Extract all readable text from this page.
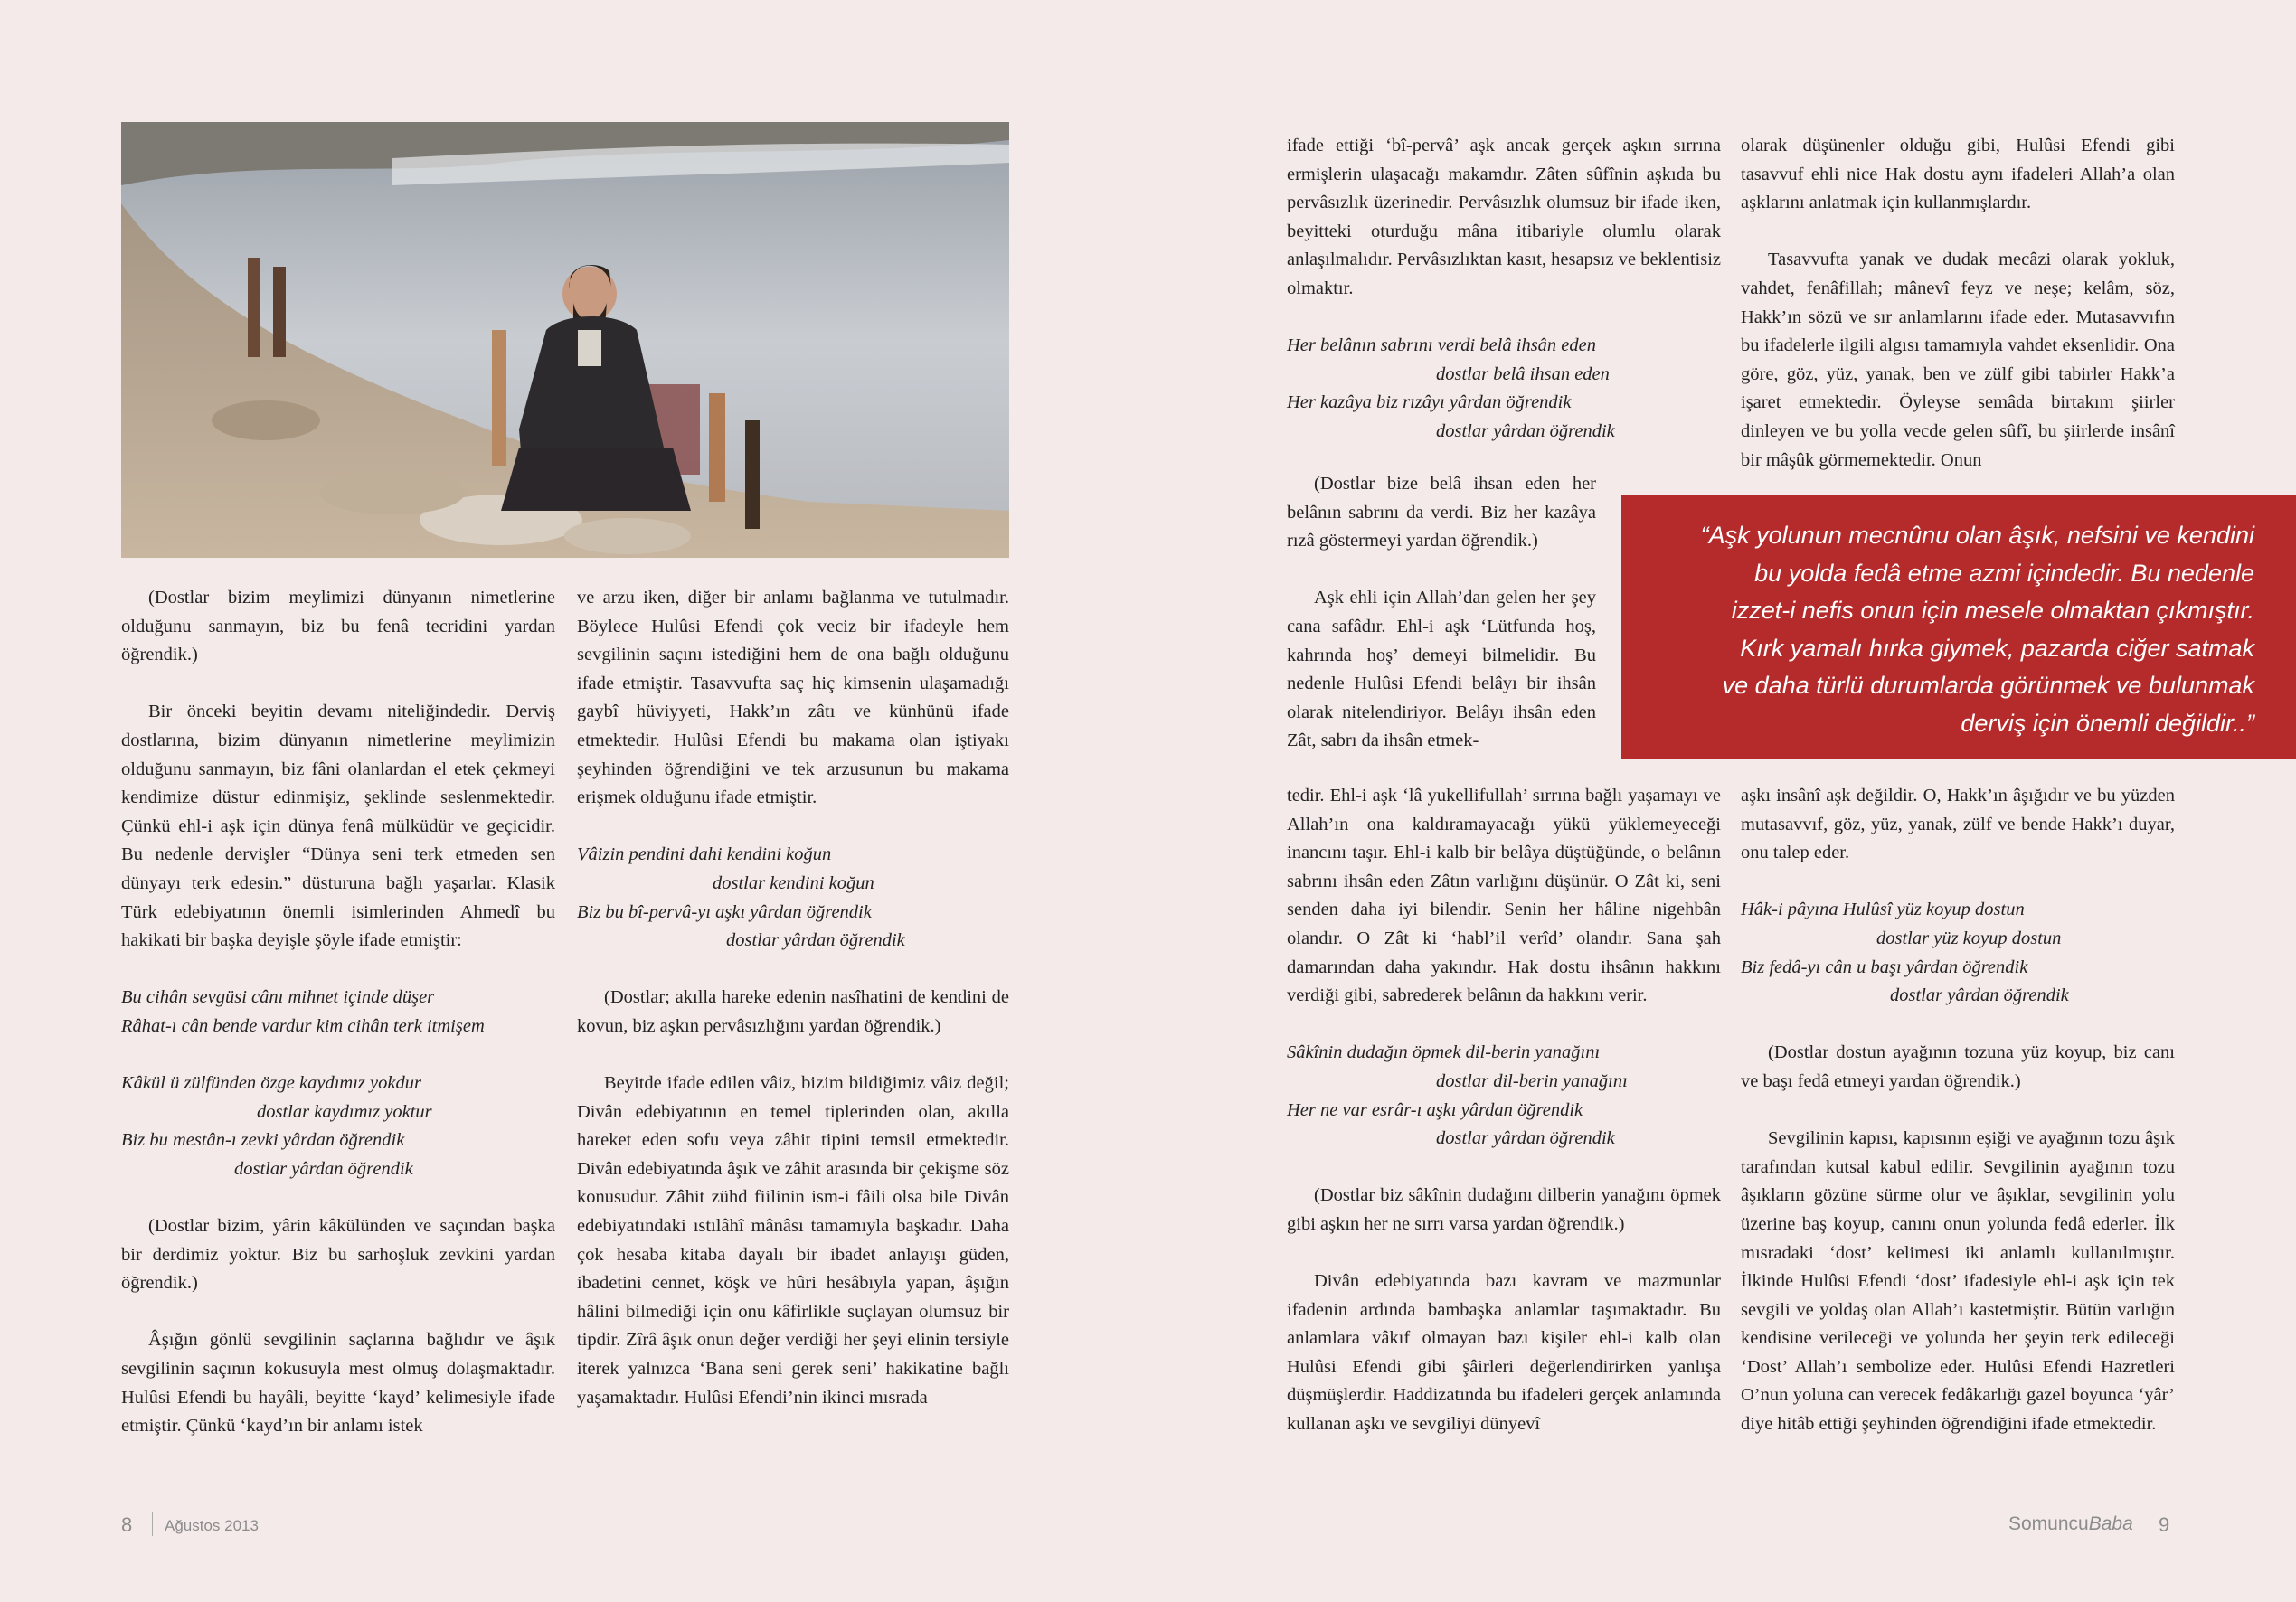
(Dostlar bizim meylimizi dünyanın nimetlerine olduğunu sanmayın, biz bu fenâ tecridini yardan öğrendik.)

Bir önceki beyitin devamı niteliğindedir. Derviş dostlarına, bizim dünyanın nimetlerine meylimizin olduğunu sanmayın, biz fâni olanlardan el etek çekmeyi kendimize düstur edinmişiz, şeklinde seslenmektedir. Çünkü ehl-i aşk için dünya fenâ mülküdür ve geçicidir. Bu nedenle dervişler “Dünya seni terk etmeden sen dünyayı terk edesin.” düsturuna bağlı yaşarlar. Klasik Türk edebiyatının önemli isimlerinden Ahmedî bu hakikati bir başka deyişle şöyle ifade etmiştir:

Bu cihân sevgüsi cânı mihnet içinde düşer
Râhat-ı cân bende vardur kim cihân terk itmişem
Kâkül ü zülfünden özge kaydımız yokdur
dostlar kaydımız yoktur
Biz bu mestân-ı zevki yârdan öğrendik
dostlar yârdan öğrendik

(Dostlar bizim, yârin kâkülünden ve saçından başka bir derdimiz yoktur. Biz bu sarhoşluk zevkini yardan öğrendik.)

Âşığın gönlü sevgilinin saçlarına bağlıdır ve âşık sevgilinin saçının kokusuyla mest olmuş dolaşmaktadır. Hulûsi Efendi bu hayâli, beyitte ‘kayd’ kelimesiyle ifade etmiştir. Çünkü ‘kayd’ın bir anlamı istek

ve arzu iken, diğer bir anlamı bağlanma ve tutulmadır. Böylece Hulûsi Efendi çok veciz bir ifadeyle hem sevgilinin saçını istediğini hem de ona bağlı olduğunu ifade etmiştir. Tasavvufta saç hiç kimsenin ulaşamadığı gaybî hüviyyeti, Hakk’ın zâtı ve künhünü ifade etmektedir. Hulûsi Efendi bu makama olan iştiyakı şeyhinden öğrendiğini ve tek arzusunun bu makama erişmek olduğunu ifade etmiştir.

Vâizin pendini dahi kendini koğun
dostlar kendini koğun
Biz bu bî-pervâ-yı aşkı yârdan öğrendik
dostlar yârdan öğrendik

(Dostlar; akılla hareke edenin nasîhatini de kendini de kovun, biz aşkın pervâsızlığını yardan öğrendik.)

Beyitde ifade edilen vâiz, bizim bildiğimiz vâiz değil; Divân edebiyatının en temel tiplerinden olan, akılla hareket eden sofu veya zâhit tipini temsil etmektedir. Divân edebiyatında âşık ve zâhit arasında bir çekişme söz konusudur. Zâhit zühd fiilinin ism-i fâili olsa bile Divân edebiyatındaki ıstılâhî mânâsı tamamıyla başkadır. Daha çok hesaba kitaba dayalı bir ibadet anlayışı güden, ibadetini cennet, köşk ve hûri hesâbıyla yapan, âşığın hâlini bilmediği için onu kâfirlikle suçlayan olumsuz bir tipdir. Zîrâ âşık onun değer verdiği her şeyi elinin tersiyle iterek yalnızca ‘Bana seni gerek seni’ hakikatine bağlı yaşamaktadır. Hulûsi Efendi’nin ikinci mısrada

ifade ettiği ‘bî-pervâ’ aşk ancak gerçek aşkın sırrına ermişlerin ulaşacağı makamdır. Zâten sûfînin aşkıda bu pervâsızlık üzerinedir. Pervâsızlık olumsuz bir ifade iken, beyitteki oturduğu mâna itibariyle olumlu olarak anlaşılmalıdır. Pervâsızlıktan kasıt, hesapsız ve beklentisiz olmaktır.

Her belânın sabrını verdi belâ ihsân eden
dostlar belâ ihsan eden
Her kazâya biz rızâyı yârdan öğrendik
dostlar yârdan öğrendik

(Dostlar bize belâ ihsan eden her belânın sabrını da verdi. Biz her kazâya rızâ göstermeyi yardan öğrendik.)

Aşk ehli için Allah’dan gelen her şey cana safâdır. Ehl-i aşk ‘Lütfunda hoş, kahrında hoş’ demeyi bilmelidir. Bu nedenle Hulûsi Efendi belâyı bir ihsân olarak nitelendiriyor. Belâyı ihsân eden Zât, sabrı da ihsân etmek-

tedir. Ehl-i aşk ‘lâ yukellifullah’ sırrına bağlı yaşamayı ve Allah’ın ona kaldıramayacağı yükü yüklemeyeceği inancını taşır. Ehl-i kalb bir belâya düştüğünde, o belânın sabrını ihsân eden Zâtın varlığını düşünür. O Zât ki, seni senden daha iyi bilendir. Senin her hâline nigehbân olandır. O Zât ki ‘habl’il verîd’ olandır. Sana şah damarından daha yakındır. Hak dostu ihsânın hakkını verdiği gibi, sabrederek belânın da hakkını verir.

Sâkînin dudağın öpmek dil-berin yanağını
dostlar dil-berin yanağını
Her ne var esrâr-ı aşkı yârdan öğrendik
dostlar yârdan öğrendik

(Dostlar biz sâkînin dudağını dilberin yanağını öpmek gibi aşkın her ne sırrı varsa yardan öğrendik.)

Divân edebiyatında bazı kavram ve mazmunlar ifadenin ardında bambaşka anlamlar taşımaktadır. Bu anlamlara vâkıf olmayan bazı kişiler ehl-i kalb olan Hulûsi Efendi gibi şâirleri değerlendirirken yanlışa düşmüşlerdir. Haddizatında bu ifadeleri gerçek anlamında kullanan aşkı ve sevgiliyi dünyevî

olarak düşünenler olduğu gibi, Hulûsi Efendi gibi tasavvuf ehli nice Hak dostu aynı ifadeleri Allah’a olan aşklarını anlatmak için kullanmışlardır.

Tasavvufta yanak ve dudak mecâzi olarak yokluk, vahdet, fenâfillah; mânevî feyz ve neşe; kelâm, söz, Hakk’ın sözü ve sır anlamlarını ifade eder. Mutasavvıfın bu ifadelerle ilgili algısı tamamıyla vahdet eksenlidir. Ona göre, göz, yüz, yanak, ben ve zülf gibi tabirler Hakk’a işaret etmektedir. Öyleyse semâda birtakım şiirler dinleyen ve bu yolla vecde gelen sûfî, bu şiirlerde insânî bir mâşûk görmemektedir. Onun

“Aşk yolunun mecnûnu olan âşık, nefsini ve kendini
bu yolda fedâ etme azmi içindedir. Bu nedenle
izzet-i nefis onun için mesele olmaktan çıkmıştır.
Kırk yamalı hırka giymek, pazarda ciğer satmak
ve daha türlü durumlarda görünmek ve bulunmak
derviş için önemli değildir..”

aşkı insânî aşk değildir. O, Hakk’ın âşığıdır ve bu yüzden mutasavvıf, göz, yüz, yanak, zülf ve bende Hakk’ı duyar, onu talep eder.

Hâk-i pâyına Hulûsî yüz koyup dostun
dostlar yüz koyup dostun
Biz fedâ-yı cân u başı yârdan öğrendik
dostlar yârdan öğrendik

(Dostlar dostun ayağının tozuna yüz koyup, biz canı ve başı fedâ etmeyi yardan öğrendik.)

Sevgilinin kapısı, kapısının eşiği ve ayağının tozu âşık tarafından kutsal kabul edilir. Sevgilinin ayağının tozu âşıkların gözüne sürme olur ve âşıklar, sevgilinin yolu üzerine baş koyup, canını onun yolunda fedâ ederler. İlk mısradaki ‘dost’ kelimesi iki anlamlı kullanılmıştır. İlkinde Hulûsi Efendi ‘dost’ ifadesiyle ehl-i aşk için tek sevgili ve yoldaş olan Allah’ı kastetmiştir. Bütün varlığın kendisine verileceği ve yolunda her şeyin terk edileceği ‘Dost’ Allah’ı sembolize eder. Hulûsi Efendi Hazretleri O’nun yoluna can verecek fedâkarlığı gazel boyunca ‘yâr’ diye hitâb ettiği şeyhinden öğrendiğini ifade etmektedir.

8 Ağustos 2013	SomuncuBaba 9
